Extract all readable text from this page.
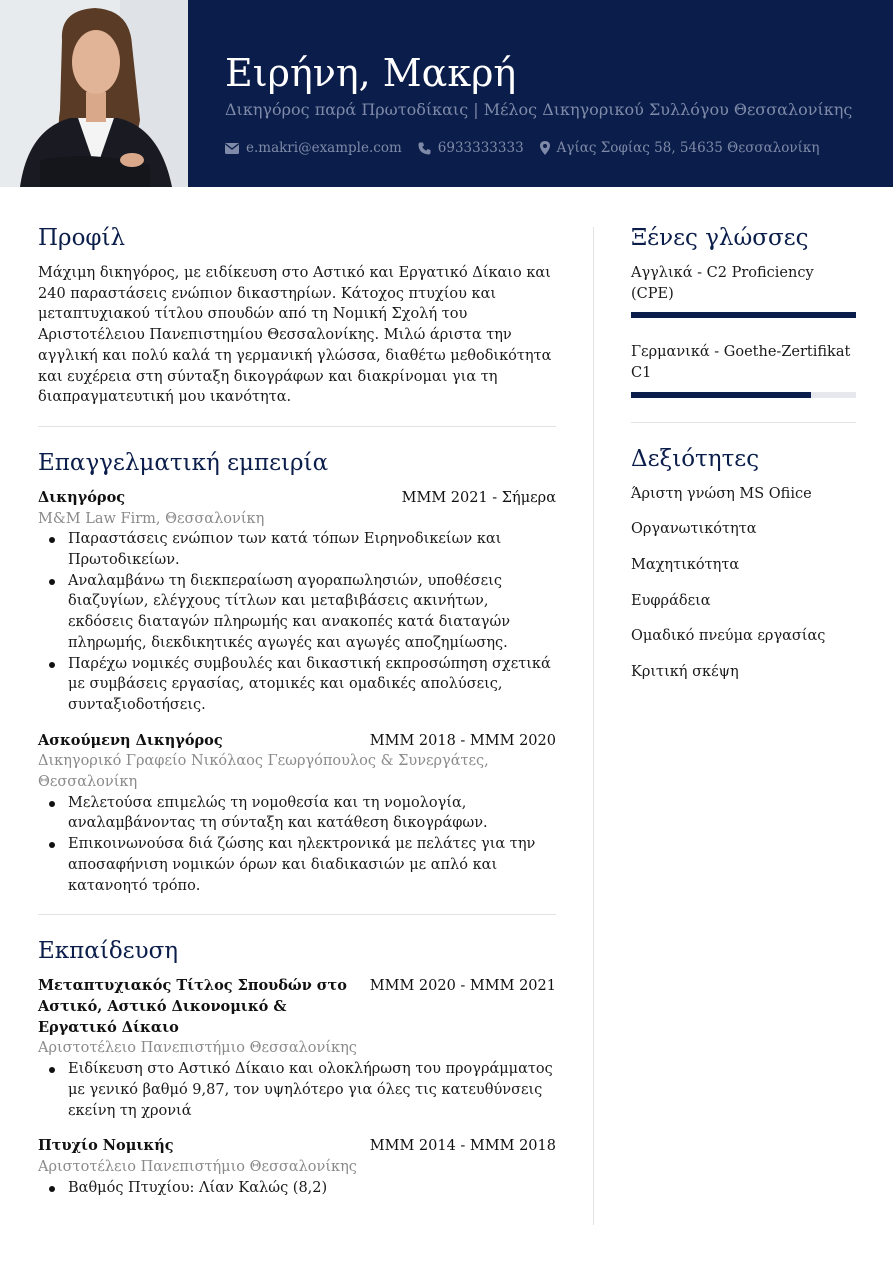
Ειρήνη, Μακρή
Δικηγόρος παρά Πρωτοδίκαις | Μέλος Δικηγορικού Συλλόγου Θεσσαλονίκης
e.makri@example.com	6933333333 Αγίας Σοφίας 58, 54635 Θεσσαλονίκη
Προφίλ
Μάχιμη δικηγόρος, με ειδίκευση στο Αστικό και Εργατικό Δίκαιο και 240 παραστάσεις ενώπιον δικαστηρίων. Κάτοχος πτυχίου και μεταπτυχιακού τίτλου σπουδών από τη Νομική Σχολή του Αριστοτέλειου Πανεπιστημίου Θεσσαλονίκης. Μιλώ άριστα την αγγλική και πολύ καλά τη γερμανική γλώσσα, διαθέτω μεθοδικότητα και ευχέρεια στη σύνταξη δικογράφων και διακρίνομαι για τη διαπραγματευτική μου ικανότητα.
Επαγγελματική εμπειρία
Δικηγόρος	ΜΜΜ 2021 - Σήμερα
M&M Law Firm, Θεσσαλονίκη
Παραστάσεις ενώπιον των κατά τόπων Ειρηνοδικείων και Πρωτοδικείων.
Αναλαμβάνω τη διεκπεραίωση αγοραπωλησιών, υποθέσεις διαζυγίων, ελέγχους τίτλων και μεταβιβάσεις ακινήτων, εκδόσεις διαταγών πληρωμής και ανακοπές κατά διαταγών πληρωμής, διεκδικητικές αγωγές και αγωγές αποζημίωσης.
Παρέχω νομικές συμβουλές και δικαστική εκπροσώπηση σχετικά με συμβάσεις εργασίας, ατομικές και ομαδικές απολύσεις, συνταξιοδοτήσεις.
Ασκούμενη Δικηγόρος	ΜΜΜ 2018 - ΜΜΜ 2020
Δικηγορικό Γραφείο Νικόλαος Γεωργόπουλος & Συνεργάτες, Θεσσαλονίκη
Μελετούσα επιμελώς τη νομοθεσία και τη νομολογία, αναλαμβάνοντας τη σύνταξη και κατάθεση δικογράφων.
Επικοινωνούσα διά ζώσης και ηλεκτρονικά με πελάτες για την αποσαφήνιση νομικών όρων και διαδικασιών με απλό και κατανοητό τρόπο.
Εκπαίδευση
Μεταπτυχιακός Τίτλος Σπουδών στο Αστικό, Αστικό Δικονομικό & Εργατικό Δίκαιο
ΜΜΜ 2020 - ΜΜΜ 2021
Αριστοτέλειο Πανεπιστήμιο Θεσσαλονίκης
Ειδίκευση στο Αστικό Δίκαιο και ολοκλήρωση του προγράμματος με γενικό βαθμό 9,87, τον υψηλότερο για όλες τις κατευθύνσεις εκείνη τη χρονιά
Πτυχίο Νομικής	ΜΜΜ 2014 - ΜΜΜ 2018
Αριστοτέλειο Πανεπιστήμιο Θεσσαλονίκης
Βαθμός Πτυχίου: Λίαν Καλώς (8,2)
Ξένες γλώσσες
Αγγλικά - C2 Proficiency (CPE)
Γερμανικά - Goethe-Zertifikat C1
Δεξιότητες
Άριστη γνώση MS Ofiice
Οργανωτικότητα
Μαχητικότητα
Ευφράδεια
Ομαδικό πνεύμα εργασίας
Κριτική σκέψη
